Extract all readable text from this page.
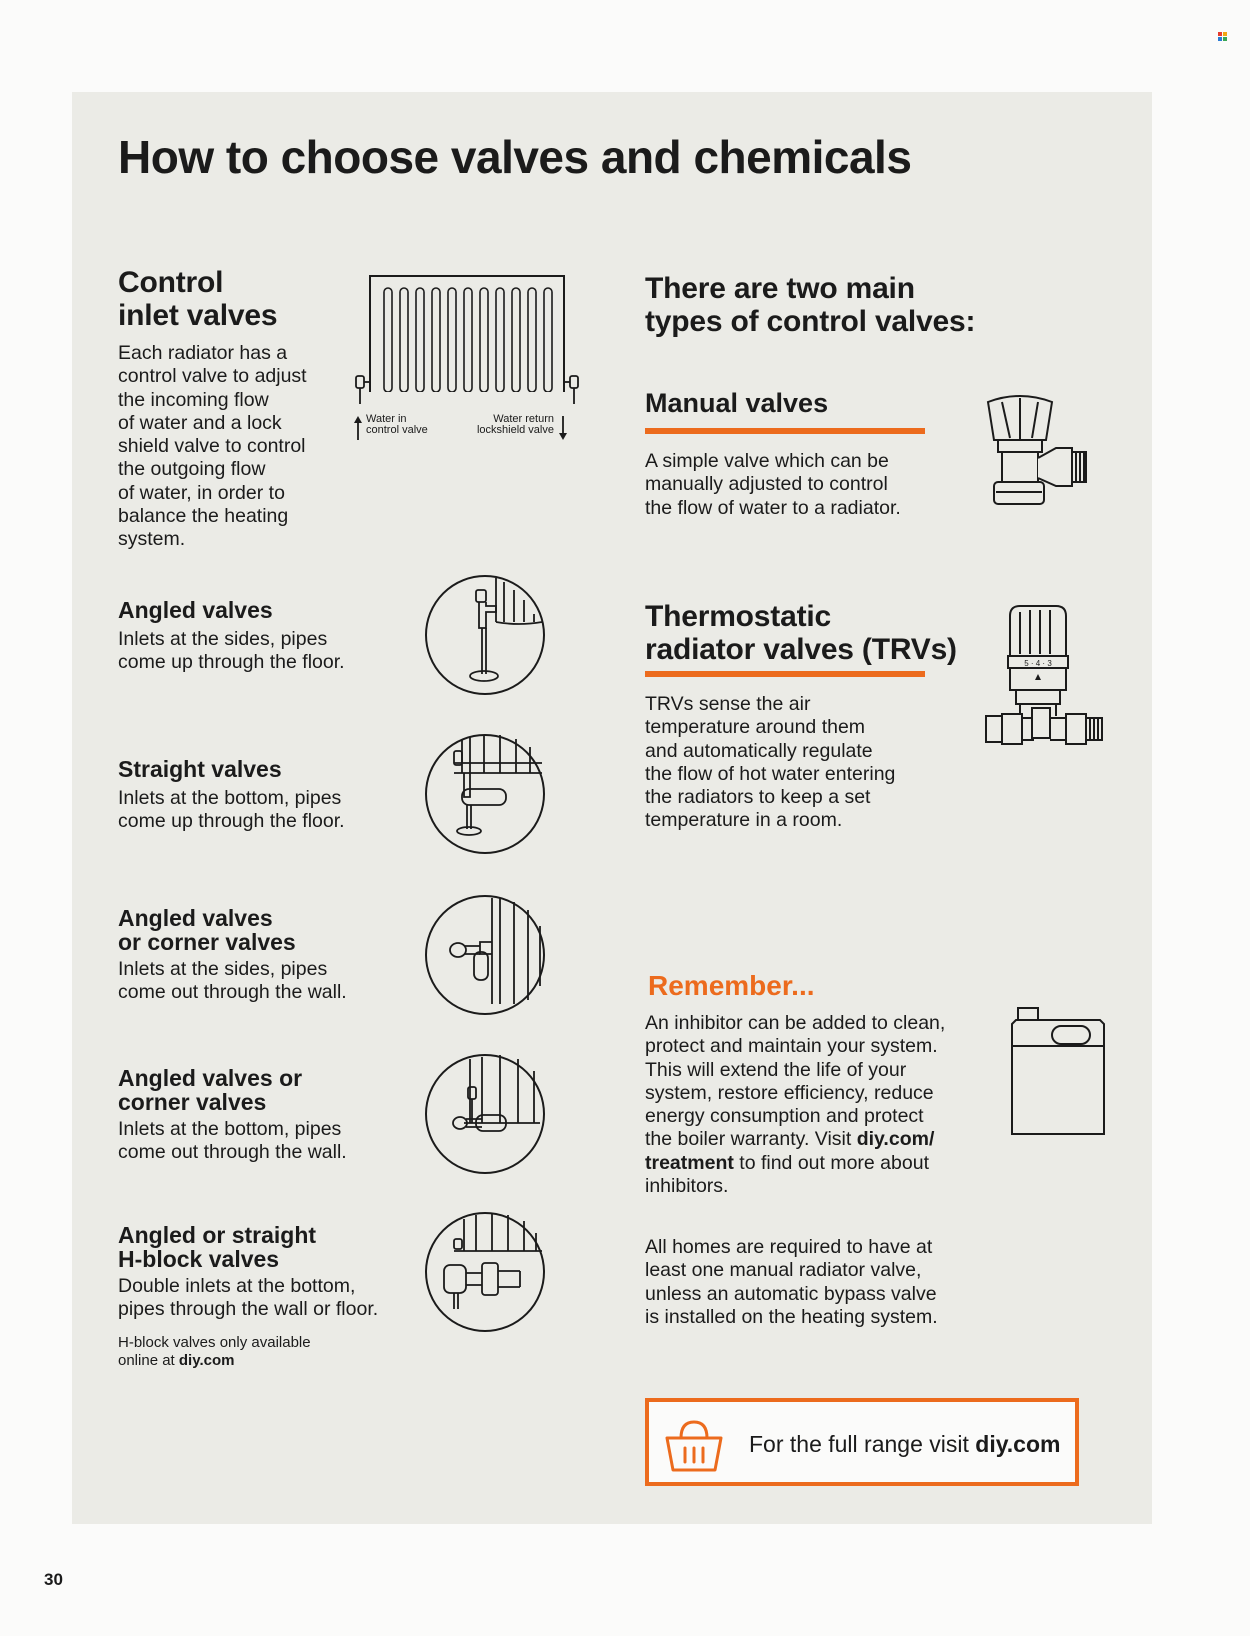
How to choose valves and chemicals
Control
inlet valves
Each radiator has a
control valve to adjust
the incoming flow
of water and a lock
shield valve to control
the outgoing flow
of water, in order to
balance the heating
system.
Water in
control valve
Water return
lockshield valve
Angled valves
Inlets at the sides, pipes
come up through the floor.
Straight valves
Inlets at the bottom, pipes
come up through the floor.
Angled valves
or corner valves
Inlets at the sides, pipes
come out through the wall.
Angled valves or
corner valves
Inlets at the bottom, pipes
come out through the wall.
Angled or straight
H-block valves
Double inlets at the bottom,
pipes through the wall or floor.
H-block valves only available
online at diy.com
There are two main
types of control valves:
Manual valves
A simple valve which can be
manually adjusted to control
the flow of water to a radiator.
Thermostatic
radiator valves (TRVs)
TRVs sense the air
temperature around them
and automatically regulate
the flow of hot water entering
the radiators to keep a set
temperature in a room.
5 · 4 · 3
Remember...
An inhibitor can be added to clean,
protect and maintain your system.
This will extend the life of your
system, restore efficiency, reduce
energy consumption and protect
the boiler warranty. Visit diy.com/
treatment to find out more about
inhibitors.
All homes are required to have at
least one manual radiator valve,
unless an automatic bypass valve
is installed on the heating system.
For the full range visit diy.com
30
